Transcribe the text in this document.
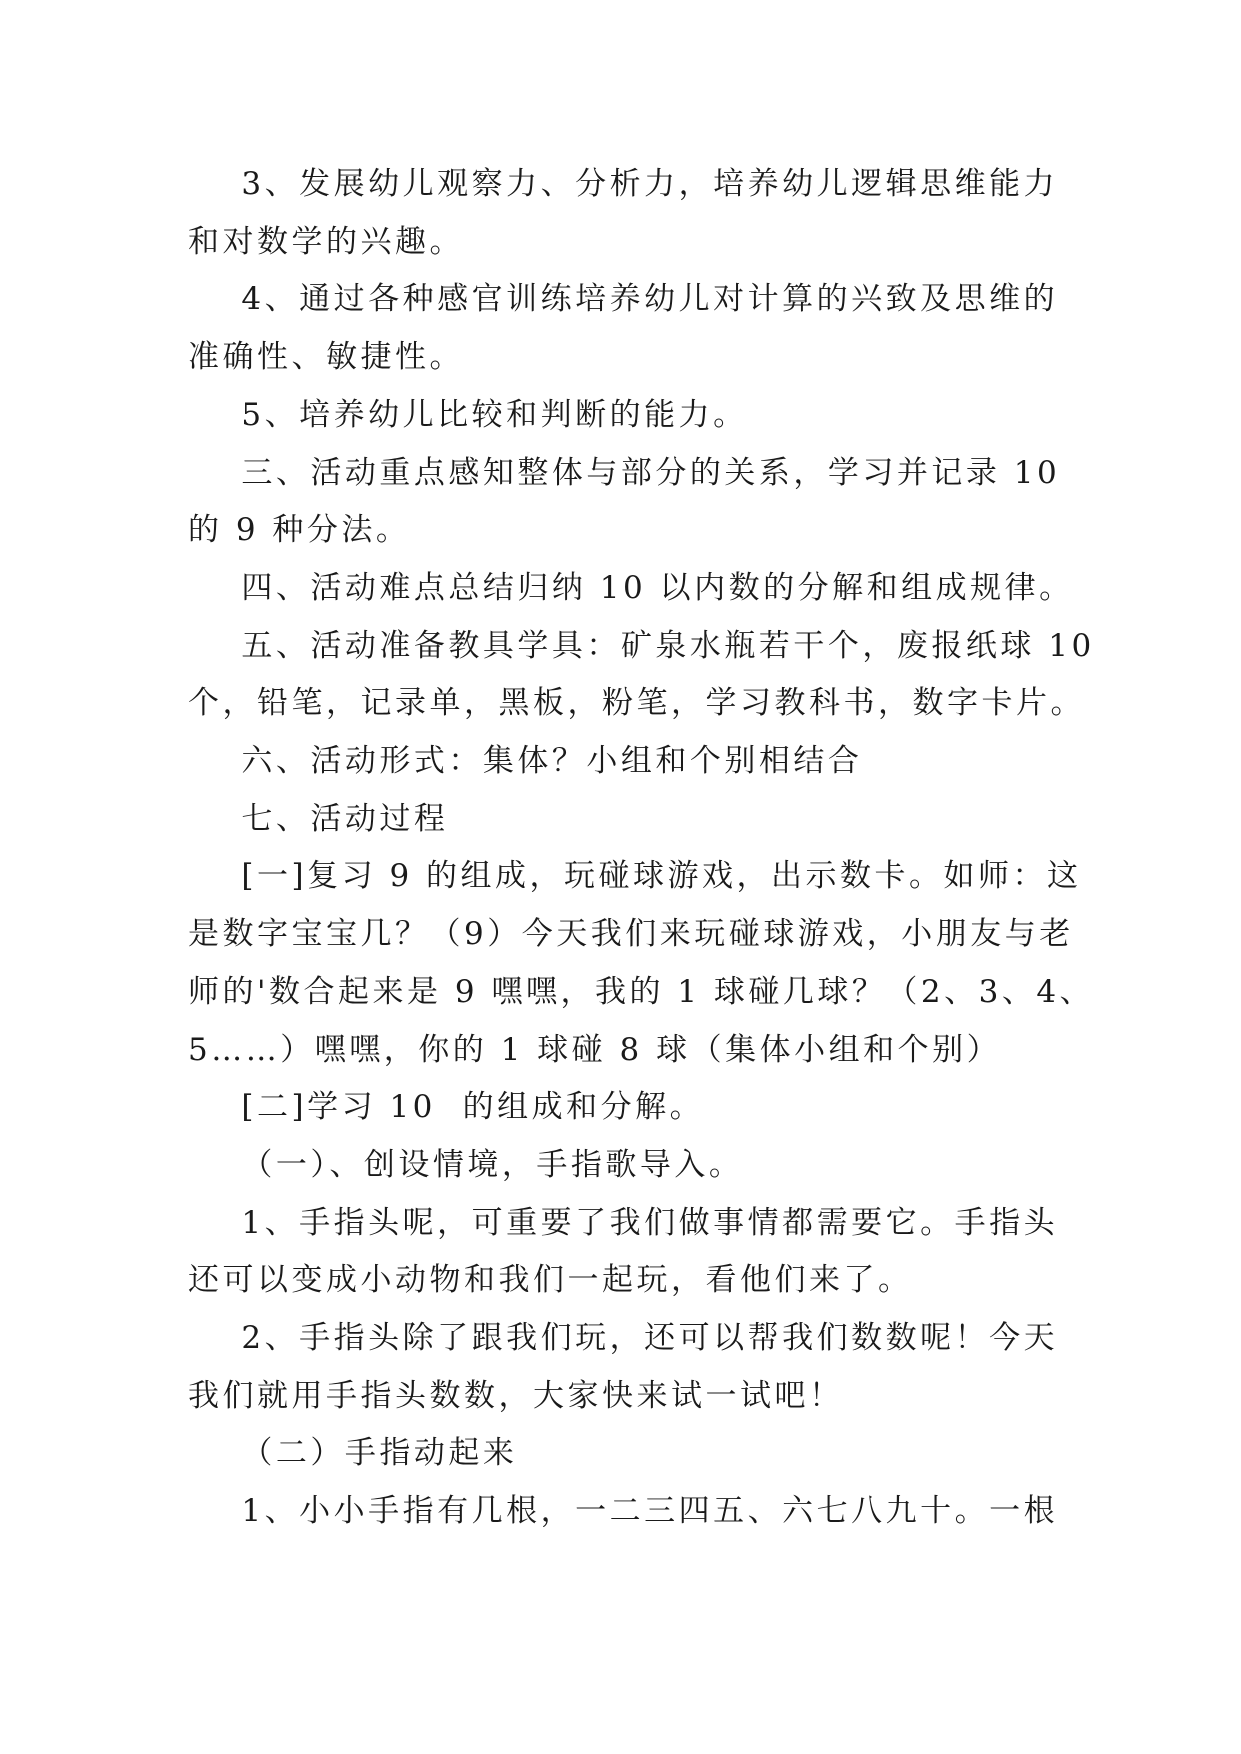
3、发展幼儿观察力、分析力，培养幼儿逻辑思维能力
和对数学的兴趣。

4、通过各种感官训练培养幼儿对计算的兴致及思维的
准确性、敏捷性。

5、培养幼儿比较和判断的能力。

三、活动重点感知整体与部分的关系，学习并记录 10
的 9 种分法。

四、活动难点总结归纳 10 以内数的分解和组成规律。

五、活动准备教具学具：矿泉水瓶若干个，废报纸球 10
个，铅笔，记录单，黑板，粉笔，学习教科书，数字卡片。

六、活动形式：集体？小组和个别相结合

七、活动过程

[一]复习 9 的组成，玩碰球游戏，出示数卡。如师：这
是数字宝宝几？（9）今天我们来玩碰球游戏，小朋友与老
师的'数合起来是 9 嘿嘿，我的 1 球碰几球？（2、3、4、
5……）嘿嘿，你的 1 球碰 8 球（集体小组和个别）

[二]学习 10  的组成和分解。

（一）、创设情境，手指歌导入。

1、手指头呢，可重要了我们做事情都需要它。手指头
还可以变成小动物和我们一起玩，看他们来了。

2、手指头除了跟我们玩，还可以帮我们数数呢！今天
我们就用手指头数数，大家快来试一试吧！

（二）手指动起来

1、小小手指有几根，一二三四五、六七八九十。一根
